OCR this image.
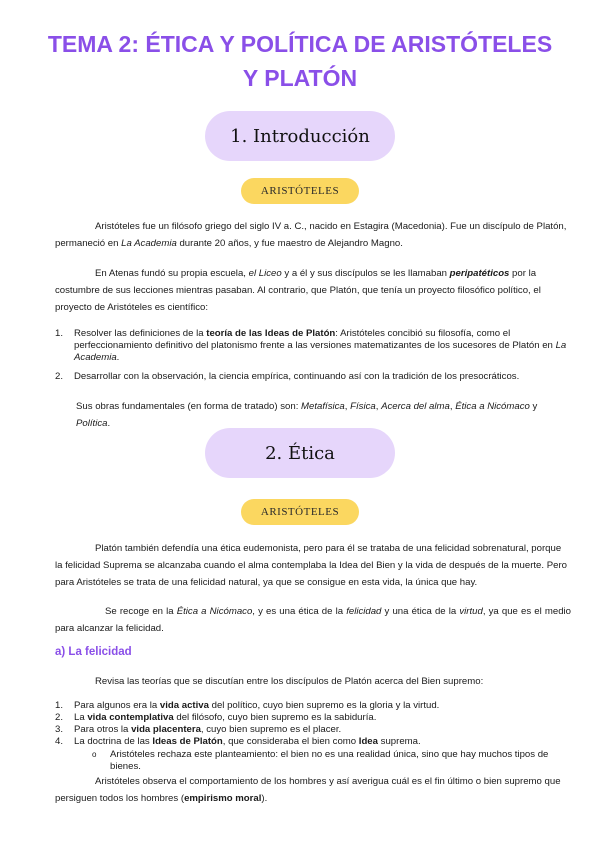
TEMA 2: ÉTICA Y POLÍTICA DE ARISTÓTELES
Y PLATÓN
1. Introducción
ARISTÓTELES

Aristóteles fue un filósofo griego del siglo IV a. C., nacido en Estagira (Macedonia). Fue un discípulo de Platón, permaneció en La Academia durante 20 años, y fue maestro de Alejandro Magno.

En Atenas fundó su propia escuela, el Liceo y a él y sus discípulos se les llamaban peripatéticos por la costumbre de sus lecciones mientras pasaban. Al contrario, que Platón, que tenía un proyecto filosófico político, el proyecto de Aristóteles es científico:

1. Resolver las definiciones de la teoría de las Ideas de Platón: Aristóteles concibió su filosofía, como el perfeccionamiento definitivo del platonismo frente a las versiones matematizantes de los sucesores de Platón en La Academia.
2. Desarrollar con la observación, la ciencia empírica, continuando así con la tradición de los presocráticos.

Sus obras fundamentales (en forma de tratado) son: Metafísica, Física, Acerca del alma, Ética a Nicómaco y Política.

2. Ética
ARISTÓTELES

Platón también defendía una ética eudemonista, pero para él se trataba de una felicidad sobrenatural, porque la felicidad Suprema se alcanzaba cuando el alma contemplaba la Idea del Bien y la vida de después de la muerte. Pero para Aristóteles se trata de una felicidad natural, ya que se consigue en esta vida, la única que hay.

Se recoge en la Ética a Nicómaco, y es una ética de la felicidad y una ética de la virtud, ya que es el medio para alcanzar la felicidad.

a) La felicidad

Revisa las teorías que se discutían entre los discípulos de Platón acerca del Bien supremo:

1. Para algunos era la vida activa del político, cuyo bien supremo es la gloria y la virtud.
2. La vida contemplativa del filósofo, cuyo bien supremo es la sabiduría.
3. Para otros la vida placentera, cuyo bien supremo es el placer.
4. La doctrina de las Ideas de Platón, que consideraba el bien como Idea suprema.
o Aristóteles rechaza este planteamiento: el bien no es una realidad única, sino que hay muchos tipos de bienes.

Aristóteles observa el comportamiento de los hombres y así averigua cuál es el fin último o bien supremo que persiguen todos los hombres (empirismo moral).
